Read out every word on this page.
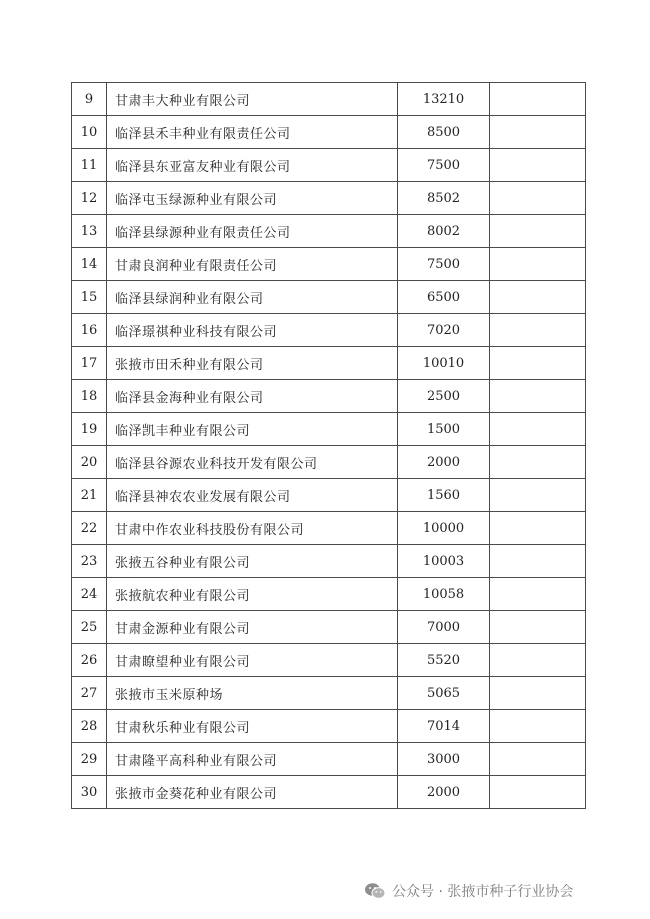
9	甘肃丰大种业有限公司	13210	
10	临泽县禾丰种业有限责任公司	8500	
11	临泽县东亚富友种业有限公司	7500	
12	临泽屯玉绿源种业有限公司	8502	
13	临泽县绿源种业有限责任公司	8002	
14	甘肃良润种业有限责任公司	7500	
15	临泽县绿润种业有限公司	6500	
16	临泽璟祺种业科技有限公司	7020	
17	张掖市田禾种业有限公司	10010	
18	临泽县金海种业有限公司	2500	
19	临泽凯丰种业有限公司	1500	
20	临泽县谷源农业科技开发有限公司	2000	
21	临泽县神农农业发展有限公司	1560	
22	甘肃中作农业科技股份有限公司	10000	
23	张掖五谷种业有限公司	10003	
24	张掖航农种业有限公司	10058	
25	甘肃金源种业有限公司	7000	
26	甘肃瞭望种业有限公司	5520	
27	张掖市玉米原种场	5065	
28	甘肃秋乐种业有限公司	7014	
29	甘肃隆平高科种业有限公司	3000	
30	张掖市金葵花种业有限公司	2000	
公众号 · 张掖市种子行业协会
